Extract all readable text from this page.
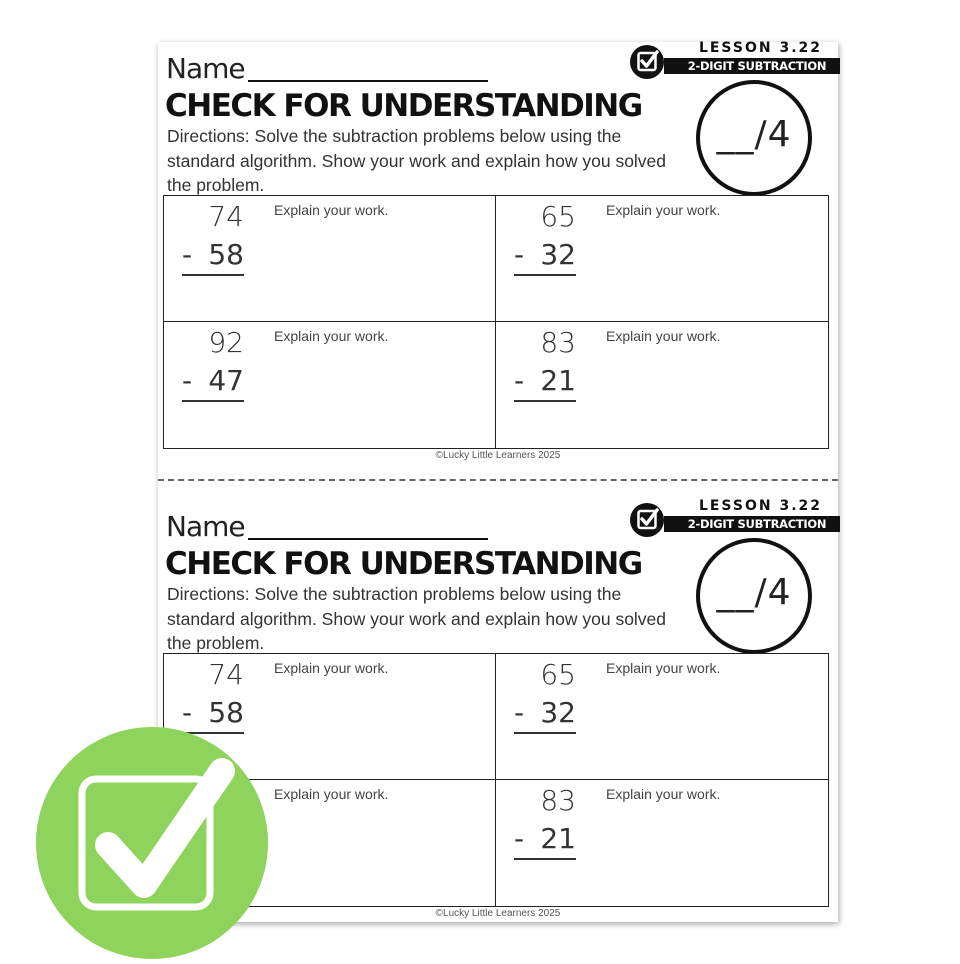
Name
CHECK FOR UNDERSTANDING
Directions: Solve the subtraction problems below using the standard algorithm. Show your work and explain how you solved the problem.
LESSON 3.22
2-DIGIT SUBTRACTION
__/4
74
- 58
Explain your work.	65
- 32
Explain your work.
92
- 47
Explain your work.	83
- 21
Explain your work.
©Lucky Little Learners 2025
Name
CHECK FOR UNDERSTANDING
Directions: Solve the subtraction problems below using the standard algorithm. Show your work and explain how you solved the problem.
LESSON 3.22
2-DIGIT SUBTRACTION
__/4
74
- 58
Explain your work.	65
- 32
Explain your work.
Explain your work.	83
- 21
Explain your work.
©Lucky Little Learners 2025
